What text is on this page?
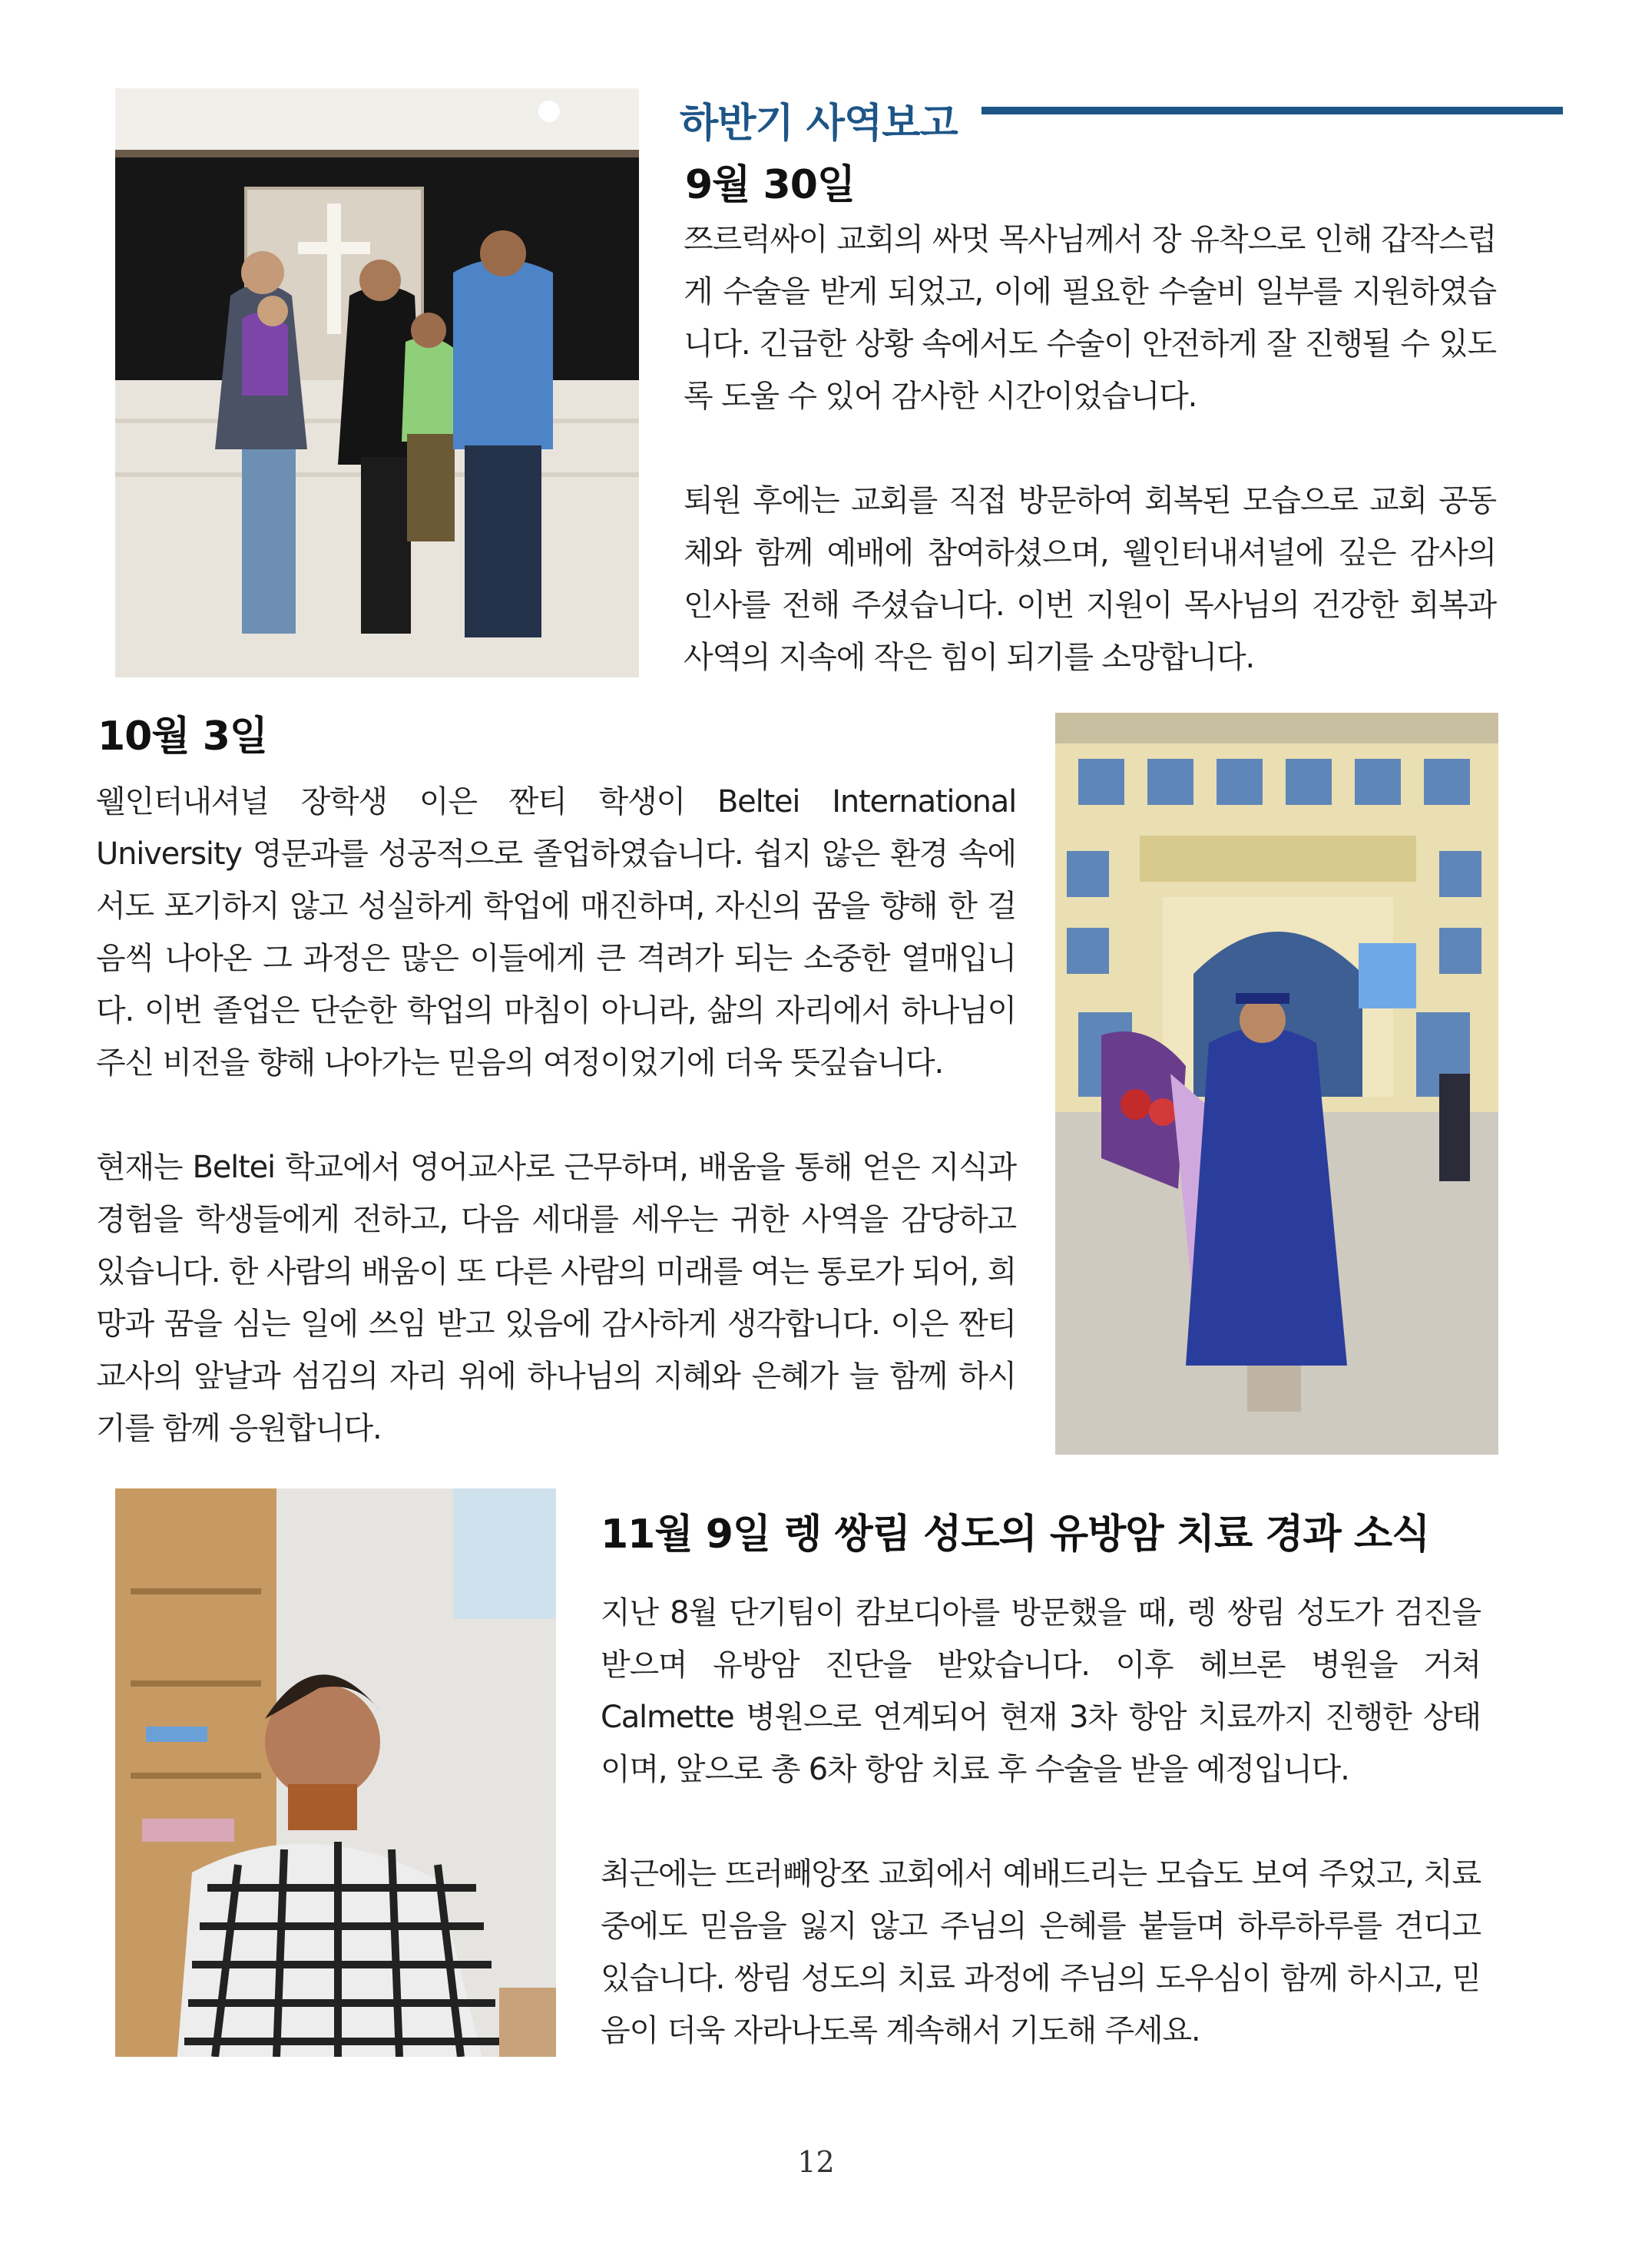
하반기 사역보고
9월 30일

쯔르럭싸이 교회의 싸멋 목사님께서 장 유착으로 인해 갑작스럽게 수술을 받게 되었고, 이에 필요한 수술비 일부를 지원하였습니다. 긴급한 상황 속에서도 수술이 안전하게 잘 진행될 수 있도록 도울 수 있어 감사한 시간이었습니다.

퇴원 후에는 교회를 직접 방문하여 회복된 모습으로 교회 공동체와 함께 예배에 참여하셨으며, 웰인터내셔널에 깊은 감사의 인사를 전해 주셨습니다. 이번 지원이 목사님의 건강한 회복과 사역의 지속에 작은 힘이 되기를 소망합니다.

10월 3일

웰인터내셔널 장학생 이은 짠티 학생이 Beltei International University 영문과를 성공적으로 졸업하였습니다. 쉽지 않은 환경 속에서도 포기하지 않고 성실하게 학업에 매진하며, 자신의 꿈을 향해 한 걸음씩 나아온 그 과정은 많은 이들에게 큰 격려가 되는 소중한 열매입니다. 이번 졸업은 단순한 학업의 마침이 아니라, 삶의 자리에서 하나님이 주신 비전을 향해 나아가는 믿음의 여정이었기에 더욱 뜻깊습니다.

현재는 Beltei 학교에서 영어교사로 근무하며, 배움을 통해 얻은 지식과 경험을 학생들에게 전하고, 다음 세대를 세우는 귀한 사역을 감당하고 있습니다. 한 사람의 배움이 또 다른 사람의 미래를 여는 통로가 되어, 희망과 꿈을 심는 일에 쓰임 받고 있음에 감사하게 생각합니다. 이은 짠티 교사의 앞날과 섬김의 자리 위에 하나님의 지혜와 은혜가 늘 함께 하시기를 함께 응원합니다.

11월 9일 렝 쌍림 성도의 유방암 치료 경과 소식

지난 8월 단기팀이 캄보디아를 방문했을 때, 렝 쌍림 성도가 검진을 받으며 유방암 진단을 받았습니다. 이후 헤브론 병원을 거쳐 Calmette 병원으로 연계되어 현재 3차 항암 치료까지 진행한 상태이며, 앞으로 총 6차 항암 치료 후 수술을 받을 예정입니다.

최근에는 뜨러빼앙쪼 교회에서 예배드리는 모습도 보여 주었고, 치료 중에도 믿음을 잃지 않고 주님의 은혜를 붙들며 하루하루를 견디고 있습니다. 쌍림 성도의 치료 과정에 주님의 도우심이 함께 하시고, 믿음이 더욱 자라나도록 계속해서 기도해 주세요.

12
